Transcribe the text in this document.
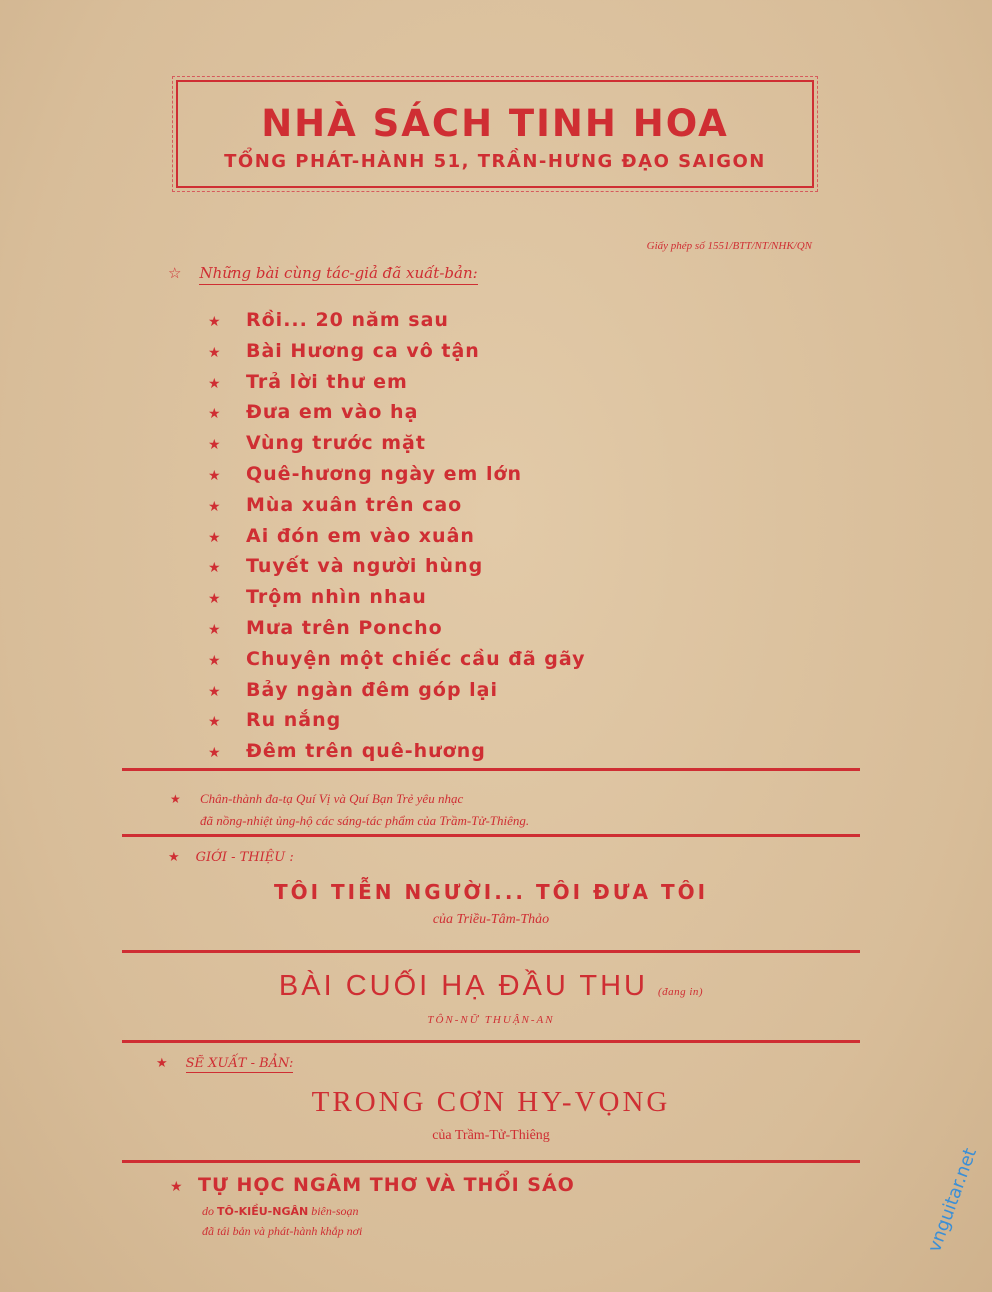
NHÀ SÁCH TINH HOA
TỔNG PHÁT-HÀNH 51, TRẦN-HƯNG ĐẠO SAIGON
Giấy phép số 1551/BTT/NT/NHK/QN
☆ Những bài cùng tác-giả đã xuất-bản:
★ Rồi... 20 năm sau
★ Bài Hương ca vô tận
★ Trả lời thư em
★ Đưa em vào hạ
★ Vùng trước mặt
★ Quê-hương ngày em lớn
★ Mùa xuân trên cao
★ Ai đón em vào xuân
★ Tuyết và người hùng
★ Trộm nhìn nhau
★ Mưa trên Poncho
★ Chuyện một chiếc cầu đã gãy
★ Bảy ngàn đêm góp lại
★ Ru nắng
★ Đêm trên quê-hương
★ Chân-thành đa-tạ Quí Vị và Quí Bạn Trẻ yêu nhạc
đã nồng-nhiệt ủng-hộ các sáng-tác phẩm của Trầm-Tử-Thiêng.
★ GIỚI - THIỆU :
TÔI TIỄN NGƯỜI... TÔI ĐƯA TÔI
của Triều-Tâm-Thảo
BÀI CUỐI HẠ ĐẦU THU (đang in)
TÔN-NỮ THUẬN-AN
★ SẼ XUẤT - BẢN:
TRONG CƠN HY-VỌNG
của Trầm-Tử-Thiêng
★ TỰ HỌC NGÂM THƠ VÀ THỔI SÁO
do TÔ-KIỀU-NGÂN biên-soạn
đã tái bản và phát-hành khắp nơi	vnguitar.net
